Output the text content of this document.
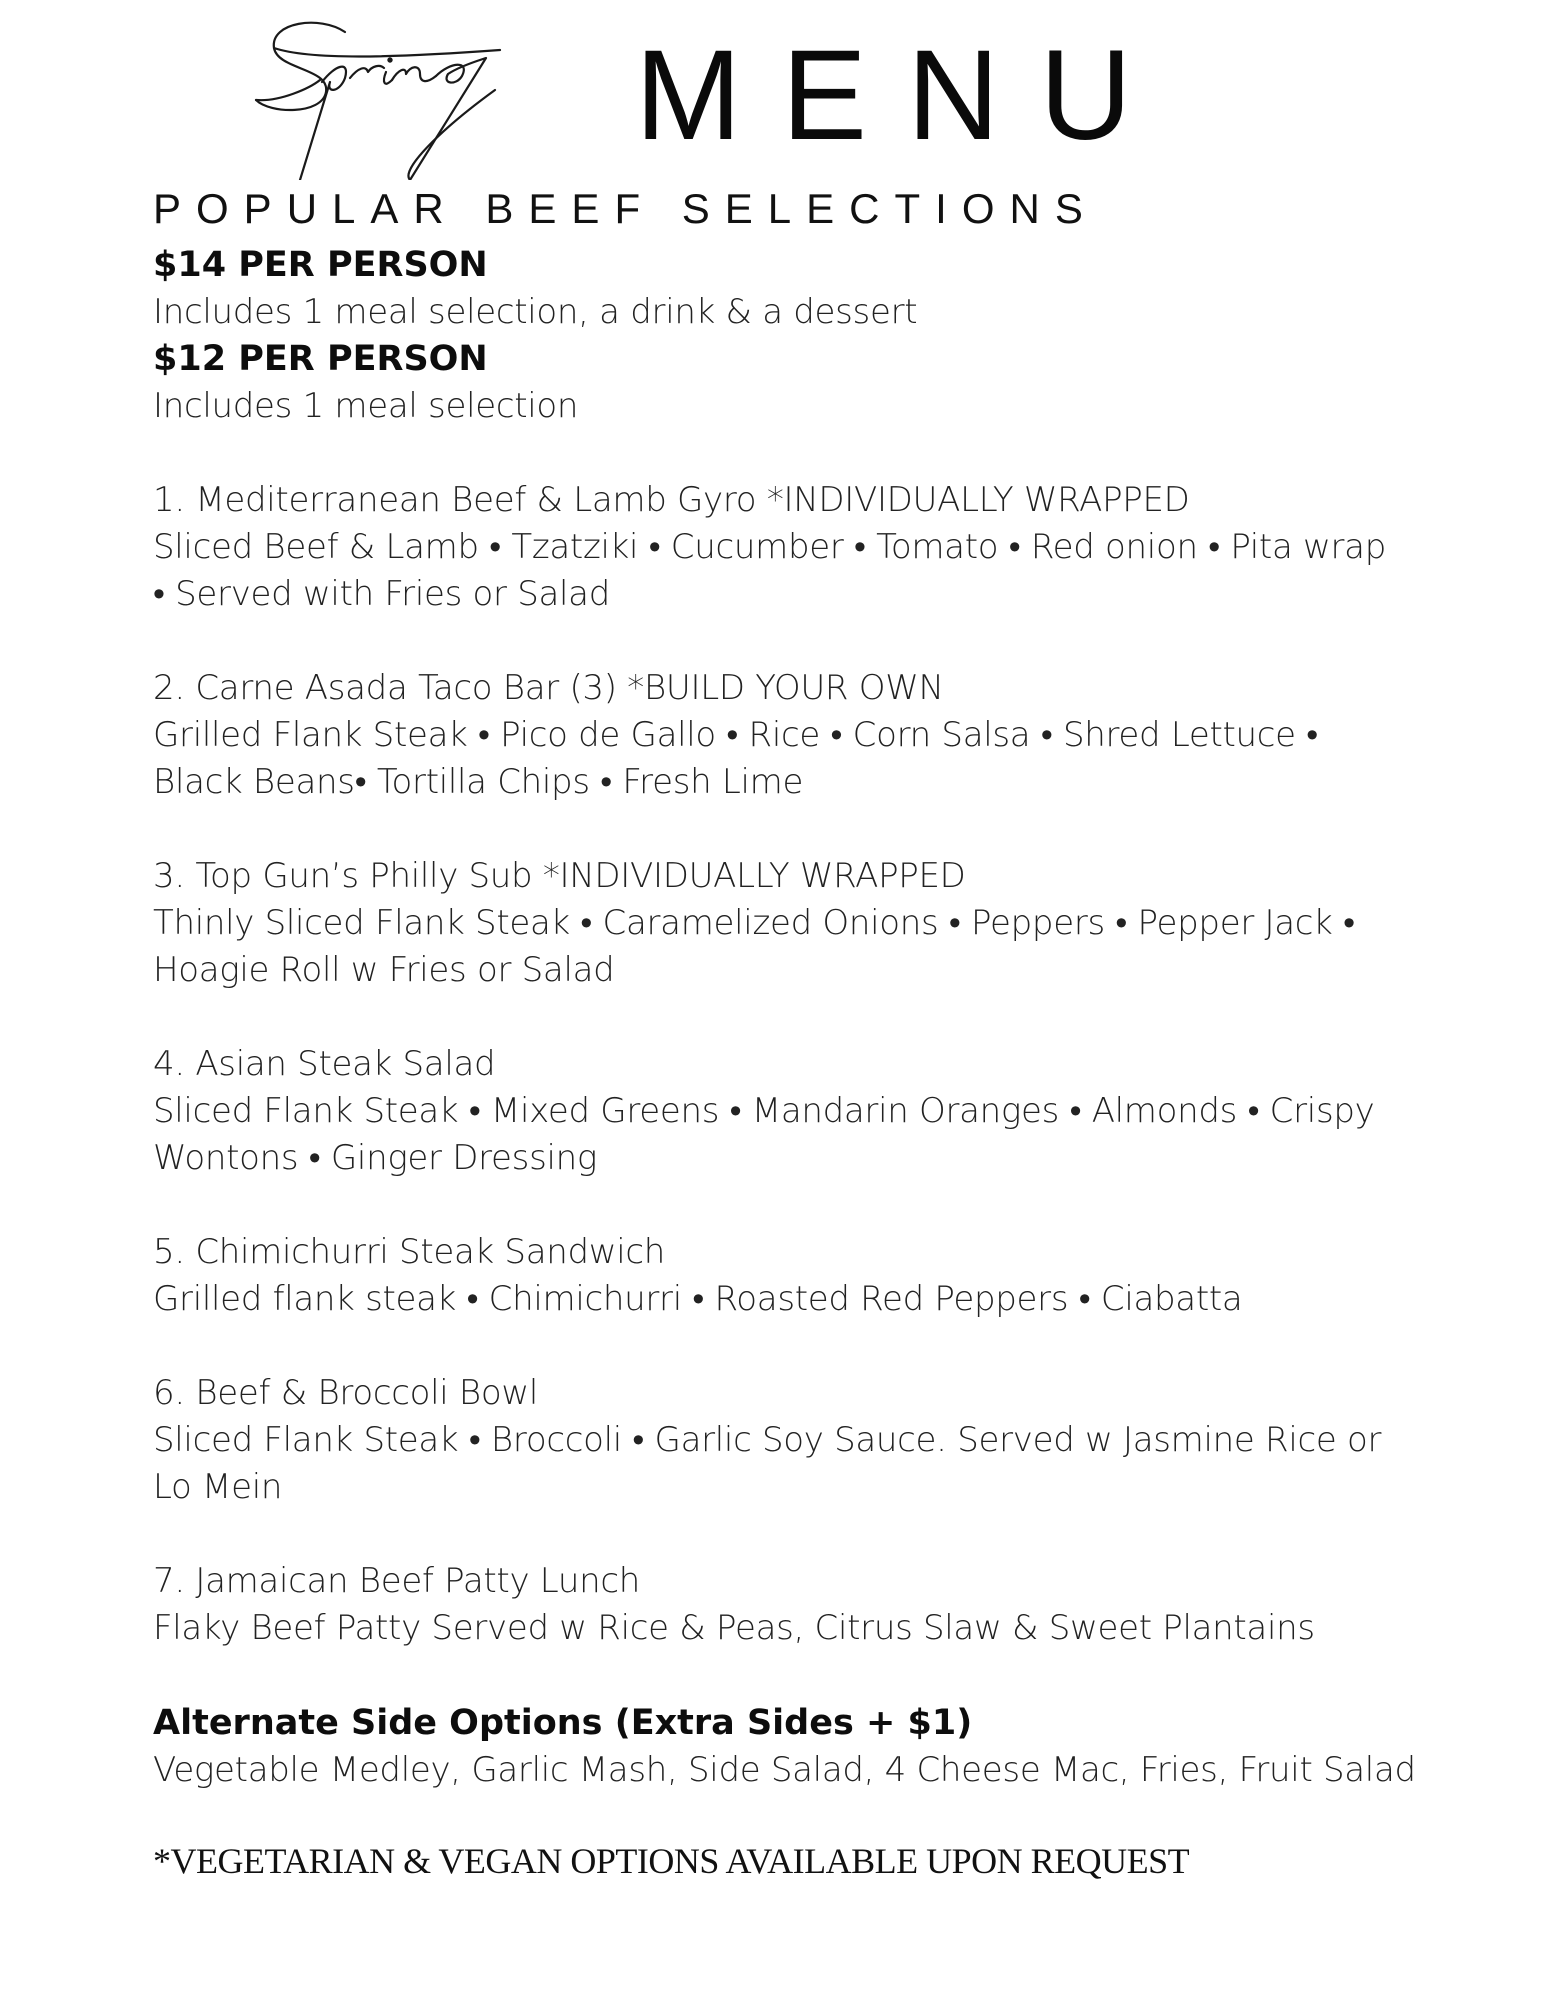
MENU
POPULAR BEEF SELECTIONS
$14 PER PERSON
Includes 1 meal selection, a drink & a dessert
$12 PER PERSON
Includes 1 meal selection
1. Mediterranean Beef & Lamb Gyro *INDIVIDUALLY WRAPPED
Sliced Beef & Lamb • Tzatziki • Cucumber • Tomato • Red onion • Pita wrap
• Served with Fries or Salad
2. Carne Asada Taco Bar (3) *BUILD YOUR OWN
Grilled Flank Steak • Pico de Gallo • Rice • Corn Salsa • Shred Lettuce •
Black Beans• Tortilla Chips • Fresh Lime
3. Top Gun’s Philly Sub *INDIVIDUALLY WRAPPED
Thinly Sliced Flank Steak • Caramelized Onions • Peppers • Pepper Jack •
Hoagie Roll w Fries or Salad
4. Asian Steak Salad
Sliced Flank Steak • Mixed Greens • Mandarin Oranges • Almonds • Crispy
Wontons • Ginger Dressing
5. Chimichurri Steak Sandwich
Grilled flank steak • Chimichurri • Roasted Red Peppers • Ciabatta
6. Beef & Broccoli Bowl
Sliced Flank Steak • Broccoli • Garlic Soy Sauce. Served w Jasmine Rice or
Lo Mein
7. Jamaican Beef Patty Lunch
Flaky Beef Patty Served w Rice & Peas, Citrus Slaw & Sweet Plantains
Alternate Side Options (Extra Sides + $1)
Vegetable Medley, Garlic Mash, Side Salad, 4 Cheese Mac, Fries, Fruit Salad
*VEGETARIAN & VEGAN OPTIONS AVAILABLE UPON REQUEST
